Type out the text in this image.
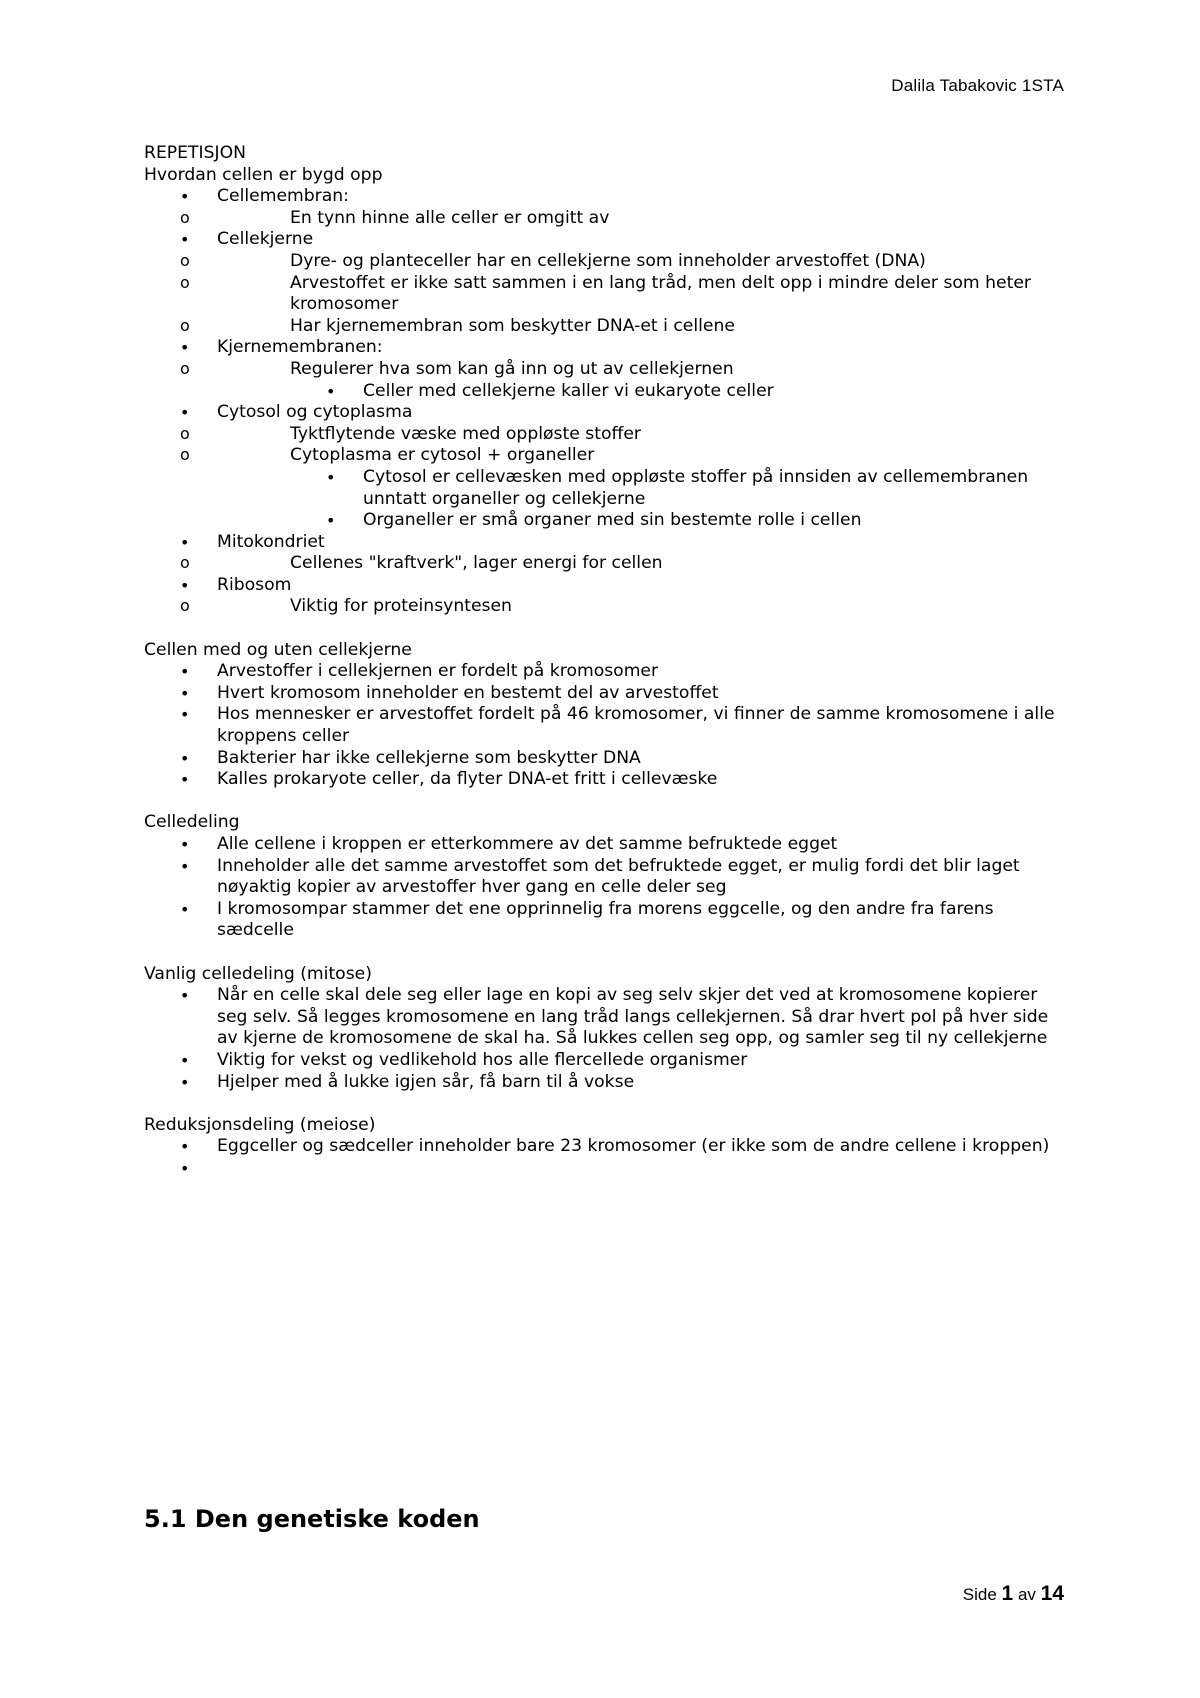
Dalila Tabakovic 1STA

REPETISJON

Hvordan cellen er bygd opp

• Cellemembran:
o En tynn hinne alle celler er omgitt av
• Cellekjerne
o Dyre- og planteceller har en cellekjerne som inneholder arvestoffet (DNA)
o Arvestoffet er ikke satt sammen i en lang tråd, men delt opp i mindre deler som heter kromosomer
o Har kjernemembran som beskytter DNA-et i cellene
• Kjernemembranen:
o Regulerer hva som kan gå inn og ut av cellekjernen
• Celler med cellekjerne kaller vi eukaryote celler
• Cytosol og cytoplasma
o Tyktflytende væske med oppløste stoffer
o Cytoplasma er cytosol + organeller
• Cytosol er cellevæsken med oppløste stoffer på innsiden av cellemembranen unntatt organeller og cellekjerne
• Organeller er små organer med sin bestemte rolle i cellen
• Mitokondriet
o Cellenes "kraftverk", lager energi for cellen
• Ribosom
o Viktig for proteinsyntesen

Cellen med og uten cellekjerne

• Arvestoffer i cellekjernen er fordelt på kromosomer
• Hvert kromosom inneholder en bestemt del av arvestoffet
• Hos mennesker er arvestoffet fordelt på 46 kromosomer, vi finner de samme kromosomene i alle kroppens celler
• Bakterier har ikke cellekjerne som beskytter DNA
• Kalles prokaryote celler, da flyter DNA-et fritt i cellevæske

Celledeling

• Alle cellene i kroppen er etterkommere av det samme befruktede egget
• Inneholder alle det samme arvestoffet som det befruktede egget, er mulig fordi det blir laget nøyaktig kopier av arvestoffer hver gang en celle deler seg
• I kromosompar stammer det ene opprinnelig fra morens eggcelle, og den andre fra farens sædcelle

Vanlig celledeling (mitose)

• Når en celle skal dele seg eller lage en kopi av seg selv skjer det ved at kromosomene kopierer seg selv. Så legges kromosomene en lang tråd langs cellekjernen. Så drar hvert pol på hver side av kjerne de kromosomene de skal ha. Så lukkes cellen seg opp, og samler seg til ny cellekjerne
• Viktig for vekst og vedlikehold hos alle flercellede organismer
• Hjelper med å lukke igjen sår, få barn til å vokse

Reduksjonsdeling (meiose)

• Eggceller og sædceller inneholder bare 23 kromosomer (er ikke som de andre cellene i kroppen)
•
5.1 Den genetiske koden
Side 1 av 14
